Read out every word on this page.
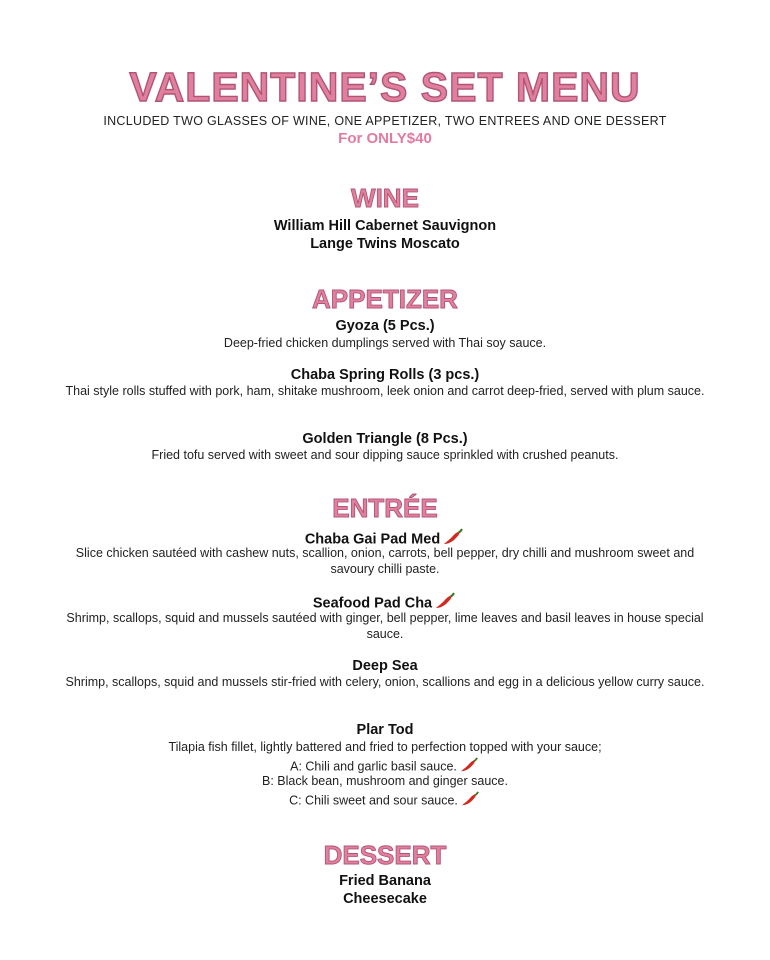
VALENTINE’S SET MENU
INCLUDED TWO GLASSES OF WINE, ONE APPETIZER, TWO ENTREES AND ONE DESSERT
For ONLY$40
WINE
William Hill Cabernet Sauvignon
Lange Twins Moscato
APPETIZER
Gyoza (5 Pcs.)
Deep-fried chicken dumplings served with Thai soy sauce.
Chaba Spring Rolls (3 pcs.)
Thai style rolls stuffed with pork, ham, shitake mushroom, leek onion and carrot deep-fried, served with plum sauce.
Golden Triangle (8 Pcs.)
Fried tofu served with sweet and sour dipping sauce sprinkled with crushed peanuts.
ENTRÉE
Chaba Gai Pad Med
Slice chicken sautéed with cashew nuts, scallion, onion, carrots, bell pepper, dry chilli and mushroom sweet and savoury chilli paste.
Seafood Pad Cha
Shrimp, scallops, squid and mussels sautéed with ginger, bell pepper, lime leaves and basil leaves in house special sauce.
Deep Sea
Shrimp, scallops, squid and mussels stir-fried with celery, onion, scallions and egg in a delicious yellow curry sauce.
Plar Tod
Tilapia fish fillet, lightly battered and fried to perfection topped with your sauce;
A: Chili and garlic basil sauce.
B: Black bean, mushroom and ginger sauce.
C: Chili sweet and sour sauce.
DESSERT
Fried Banana
Cheesecake
